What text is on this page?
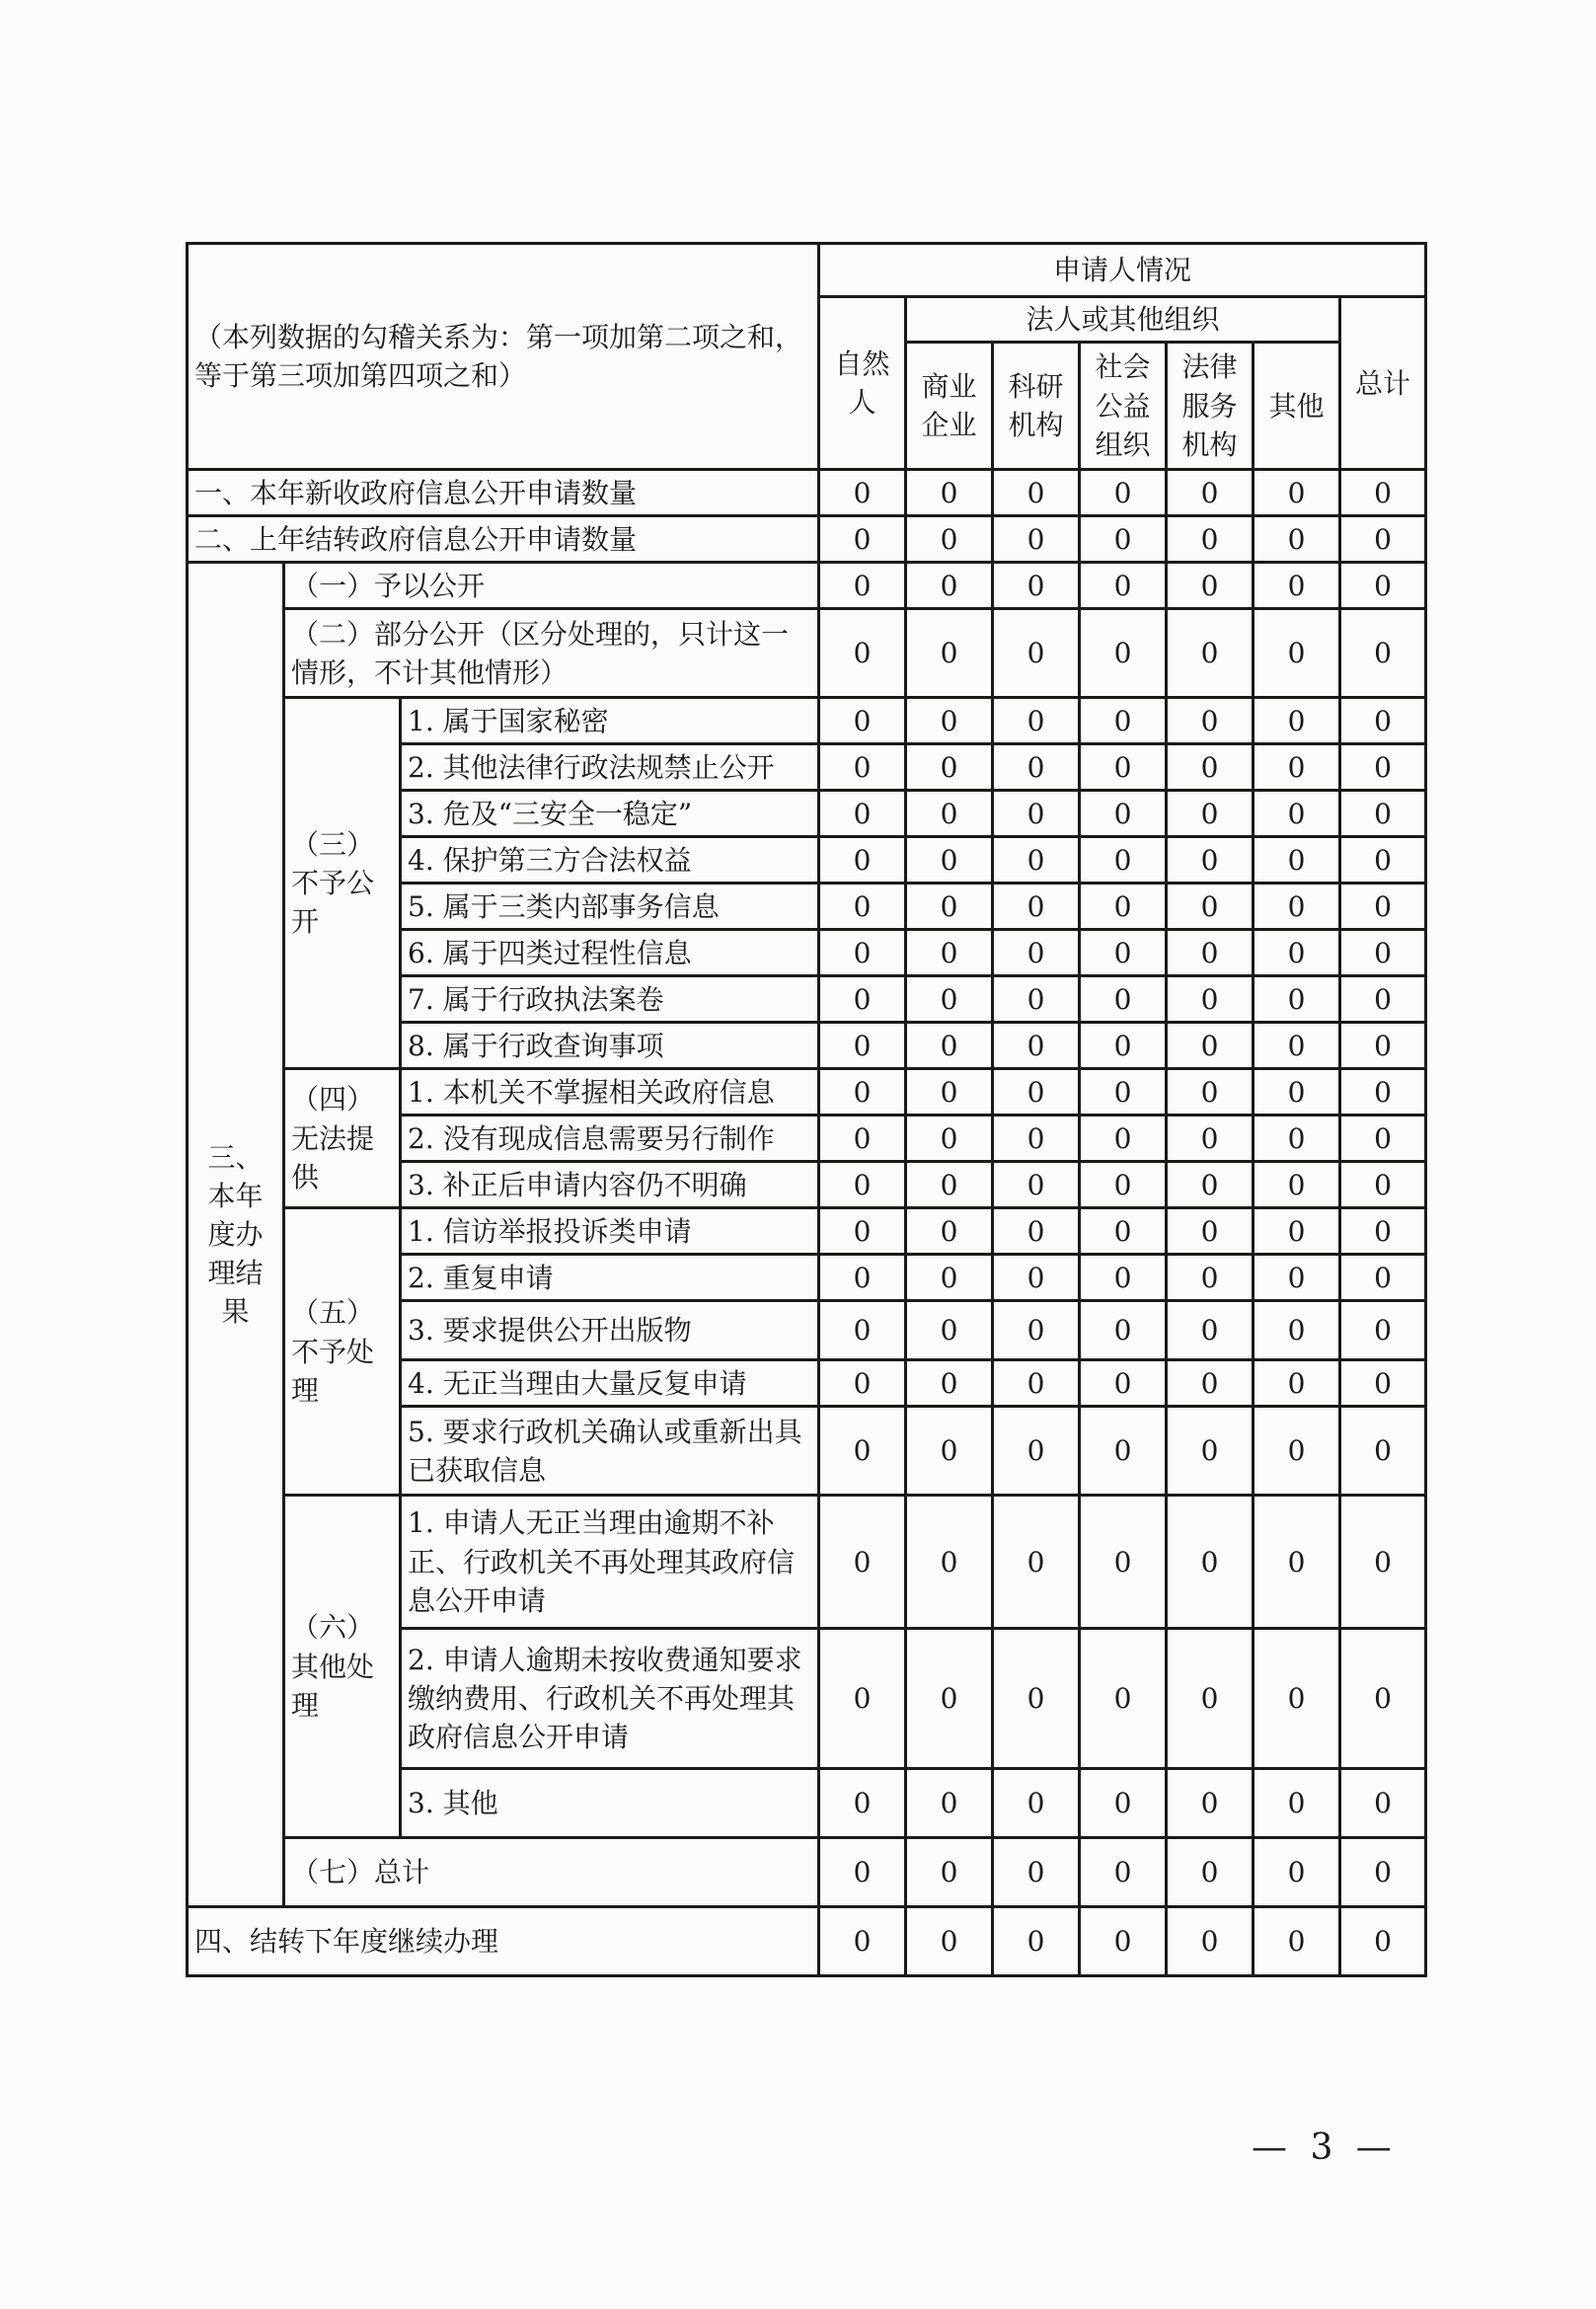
（本列数据的勾稽关系为：第一项加第二项之和，等于第三项加第四项之和）			申请人情况						
			自然人	法人或其他组织					总计
				商业企业	科研机构	社会公益组织	法律服务机构	其他	
一、本年新收政府信息公开申请数量			0	0	0	0	0	0	0
二、上年结转政府信息公开申请数量			0	0	0	0	0	0	0
三、本年度办理结果	（一）予以公开		0	0	0	0	0	0	0
	（二）部分公开（区分处理的，只计这一情形，不计其他情形）		0	0	0	0	0	0	0
	（三）不予公开	1. 属于国家秘密	0	0	0	0	0	0	0
		2. 其他法律行政法规禁止公开	0	0	0	0	0	0	0
		3. 危及“三安全一稳定”	0	0	0	0	0	0	0
		4. 保护第三方合法权益	0	0	0	0	0	0	0
		5. 属于三类内部事务信息	0	0	0	0	0	0	0
		6. 属于四类过程性信息	0	0	0	0	0	0	0
		7. 属于行政执法案卷	0	0	0	0	0	0	0
		8. 属于行政查询事项	0	0	0	0	0	0	0
	（四）无法提供	1. 本机关不掌握相关政府信息	0	0	0	0	0	0	0
		2. 没有现成信息需要另行制作	0	0	0	0	0	0	0
		3. 补正后申请内容仍不明确	0	0	0	0	0	0	0
	（五）不予处理	1. 信访举报投诉类申请	0	0	0	0	0	0	0
		2. 重复申请	0	0	0	0	0	0	0
		3. 要求提供公开出版物	0	0	0	0	0	0	0
		4. 无正当理由大量反复申请	0	0	0	0	0	0	0
		5. 要求行政机关确认或重新出具已获取信息	0	0	0	0	0	0	0
	（六）其他处理	1. 申请人无正当理由逾期不补正、行政机关不再处理其政府信息公开申请	0	0	0	0	0	0	0
		2. 申请人逾期未按收费通知要求缴纳费用、行政机关不再处理其政府信息公开申请	0	0	0	0	0	0	0
		3. 其他	0	0	0	0	0	0	0
	（七）总计		0	0	0	0	0	0	0
四、结转下年度继续办理			0	0	0	0	0	0	0
— 3 —
